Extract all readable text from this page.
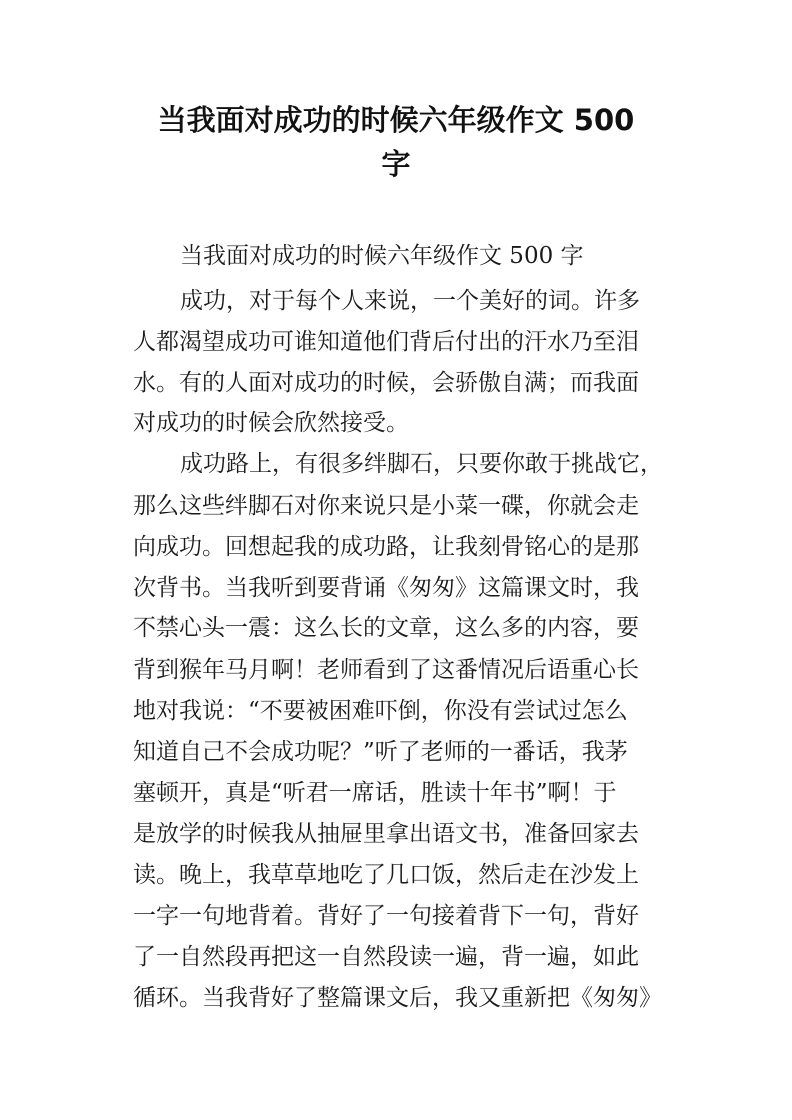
当我面对成功的时候六年级作文 500
字
当我面对成功的时候六年级作文 500 字
成功，对于每个人来说，一个美好的词。许多
人都渴望成功可谁知道他们背后付出的汗水乃至泪
水。有的人面对成功的时候，会骄傲自满；而我面
对成功的时候会欣然接受。
成功路上，有很多绊脚石，只要你敢于挑战它，
那么这些绊脚石对你来说只是小菜一碟，你就会走
向成功。回想起我的成功路，让我刻骨铭心的是那
次背书。当我听到要背诵《匆匆》这篇课文时，我
不禁心头一震：这么长的文章，这么多的内容，要
背到猴年马月啊！老师看到了这番情况后语重心长
地对我说：“不要被困难吓倒，你没有尝试过怎么
知道自己不会成功呢？”听了老师的一番话，我茅
塞顿开，真是“听君一席话，胜读十年书”啊！于
是放学的时候我从抽屉里拿出语文书，准备回家去
读。晚上，我草草地吃了几口饭，然后走在沙发上
一字一句地背着。背好了一句接着背下一句，背好
了一自然段再把这一自然段读一遍，背一遍，如此
循环。当我背好了整篇课文后，我又重新把《匆匆》
